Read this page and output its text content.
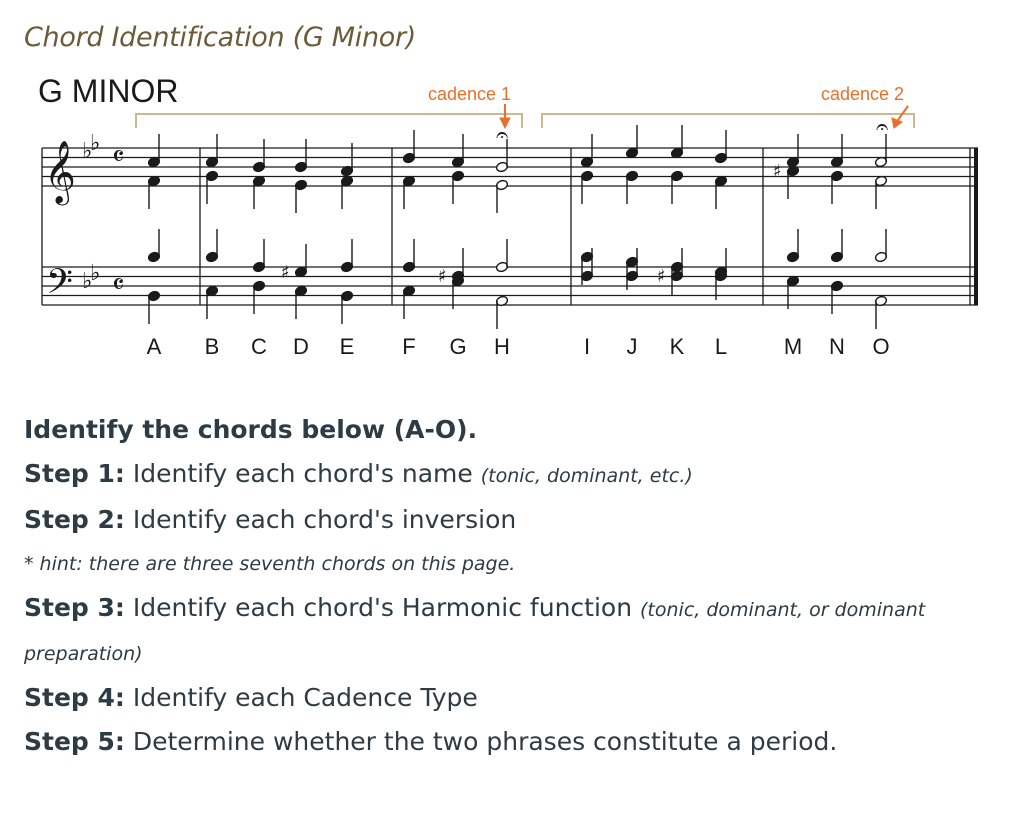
Chord Identification (G Minor)
G MINOR	cadence 1	cadence 2
𝄞
𝄢
♭
♭
♭
♭
𝄴
𝄴
𝄐	𝄐
♯	♯	♯
♯
A B C D E F G H	I J K L	M N O
Identify the chords below (A-O).
Step 1: Identify each chord's name (tonic, dominant, etc.)
Step 2: Identify each chord's inversion
* hint: there are three seventh chords on this page.
Step 3: Identify each chord's Harmonic function (tonic, dominant, or dominant
preparation)
Step 4: Identify each Cadence Type
Step 5: Determine whether the two phrases constitute a period.
